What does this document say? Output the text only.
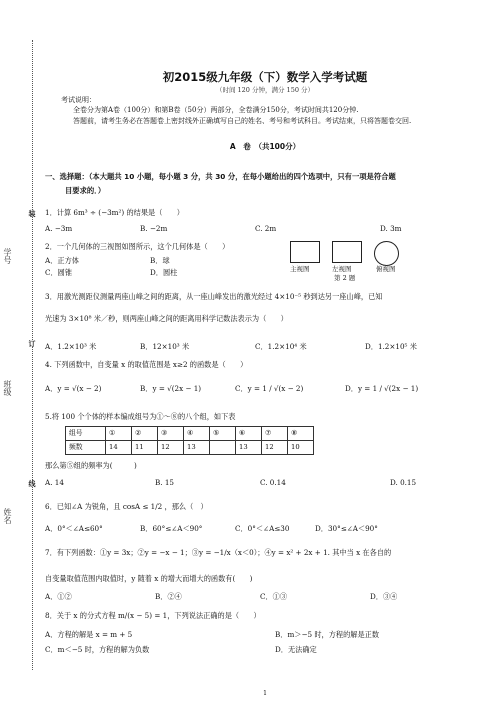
学号
班级
姓名
装
订
线
初2015级九年级（下）数学入学考试题
（时间 120 分钟，满分 150 分）
考试说明：
全卷分为第A卷（100分）和第B卷（50分）两部分，全卷满分150分，考试时间共120分钟.
答题前，请考生务必在答题卷上密封线外正确填写自己的姓名、考号和考试科目。考试结束，只将答题卷交回.
A　卷　（共100分）
一、选择题：（本大题共 10 小题，每小题 3 分，共 30 分，在每小题给出的四个选项中，只有一项是符合题
目要求的．）
1．计算 6m³ ÷ (−3m²) 的结果是（　　）
A. −3m	B. −2m	C. 2m	D. 3m
2．一个几何体的三视图如图所示，这个几何体是（　　）
A．正方体	B．球
C．圆锥	D．圆柱	主视图	左视图
第 2 题
俯视图
3．用激光测距仪测量两座山峰之间的距离，从一座山峰发出的激光经过 4×10⁻⁵ 秒到达另一座山峰，已知
光速为 3×10⁸ 米／秒，则两座山峰之间的距离用科学记数法表示为（　　）
A．1.2×10³ 米	B．12×10³ 米	C．1.2×10⁴ 米	D．1.2×10⁵ 米
4. 下列函数中，自变量 x 的取值范围是 x≥2 的函数是（　　）
A．y = √(x − 2)	B．y = √(2x − 1)	C．y = 1 / √(x − 2)	D．y = 1 / √(2x − 1)
5.将 100 个个体的样本编成组号为①～⑧的八个组，如下表
组号	①	②	③	④	⑤	⑥	⑦	⑧
频数	14	11	12	13		13	12	10
那么第⑤组的频率为(　　　)
A. 14	B. 15	C. 0.14	D. 0.15
6．已知∠A 为锐角，且 cosA ≤ 1/2 ，那么（　）
A．0°＜∠A≤60°	B．60°≤∠A＜90°	C．0°＜∠A≤30	D．30°≤∠A＜90°
7．有下列函数：①y = 3x；②y = −x − 1；③y = −1/x（x＜0）；④y = x² + 2x + 1. 其中当 x 在各自的
自变量取值范围内取值时，y 随着 x 的增大而增大的函数有(　　)
A．①②	B．②④	C．①③	D．③④
8．关于 x 的分式方程 m/(x − 5) = 1，下列说法正确的是（　　）
A．方程的解是 x = m + 5	B．m＞−5 时，方程的解是正数
C．m＜−5 时，方程的解为负数	D．无法确定
1
